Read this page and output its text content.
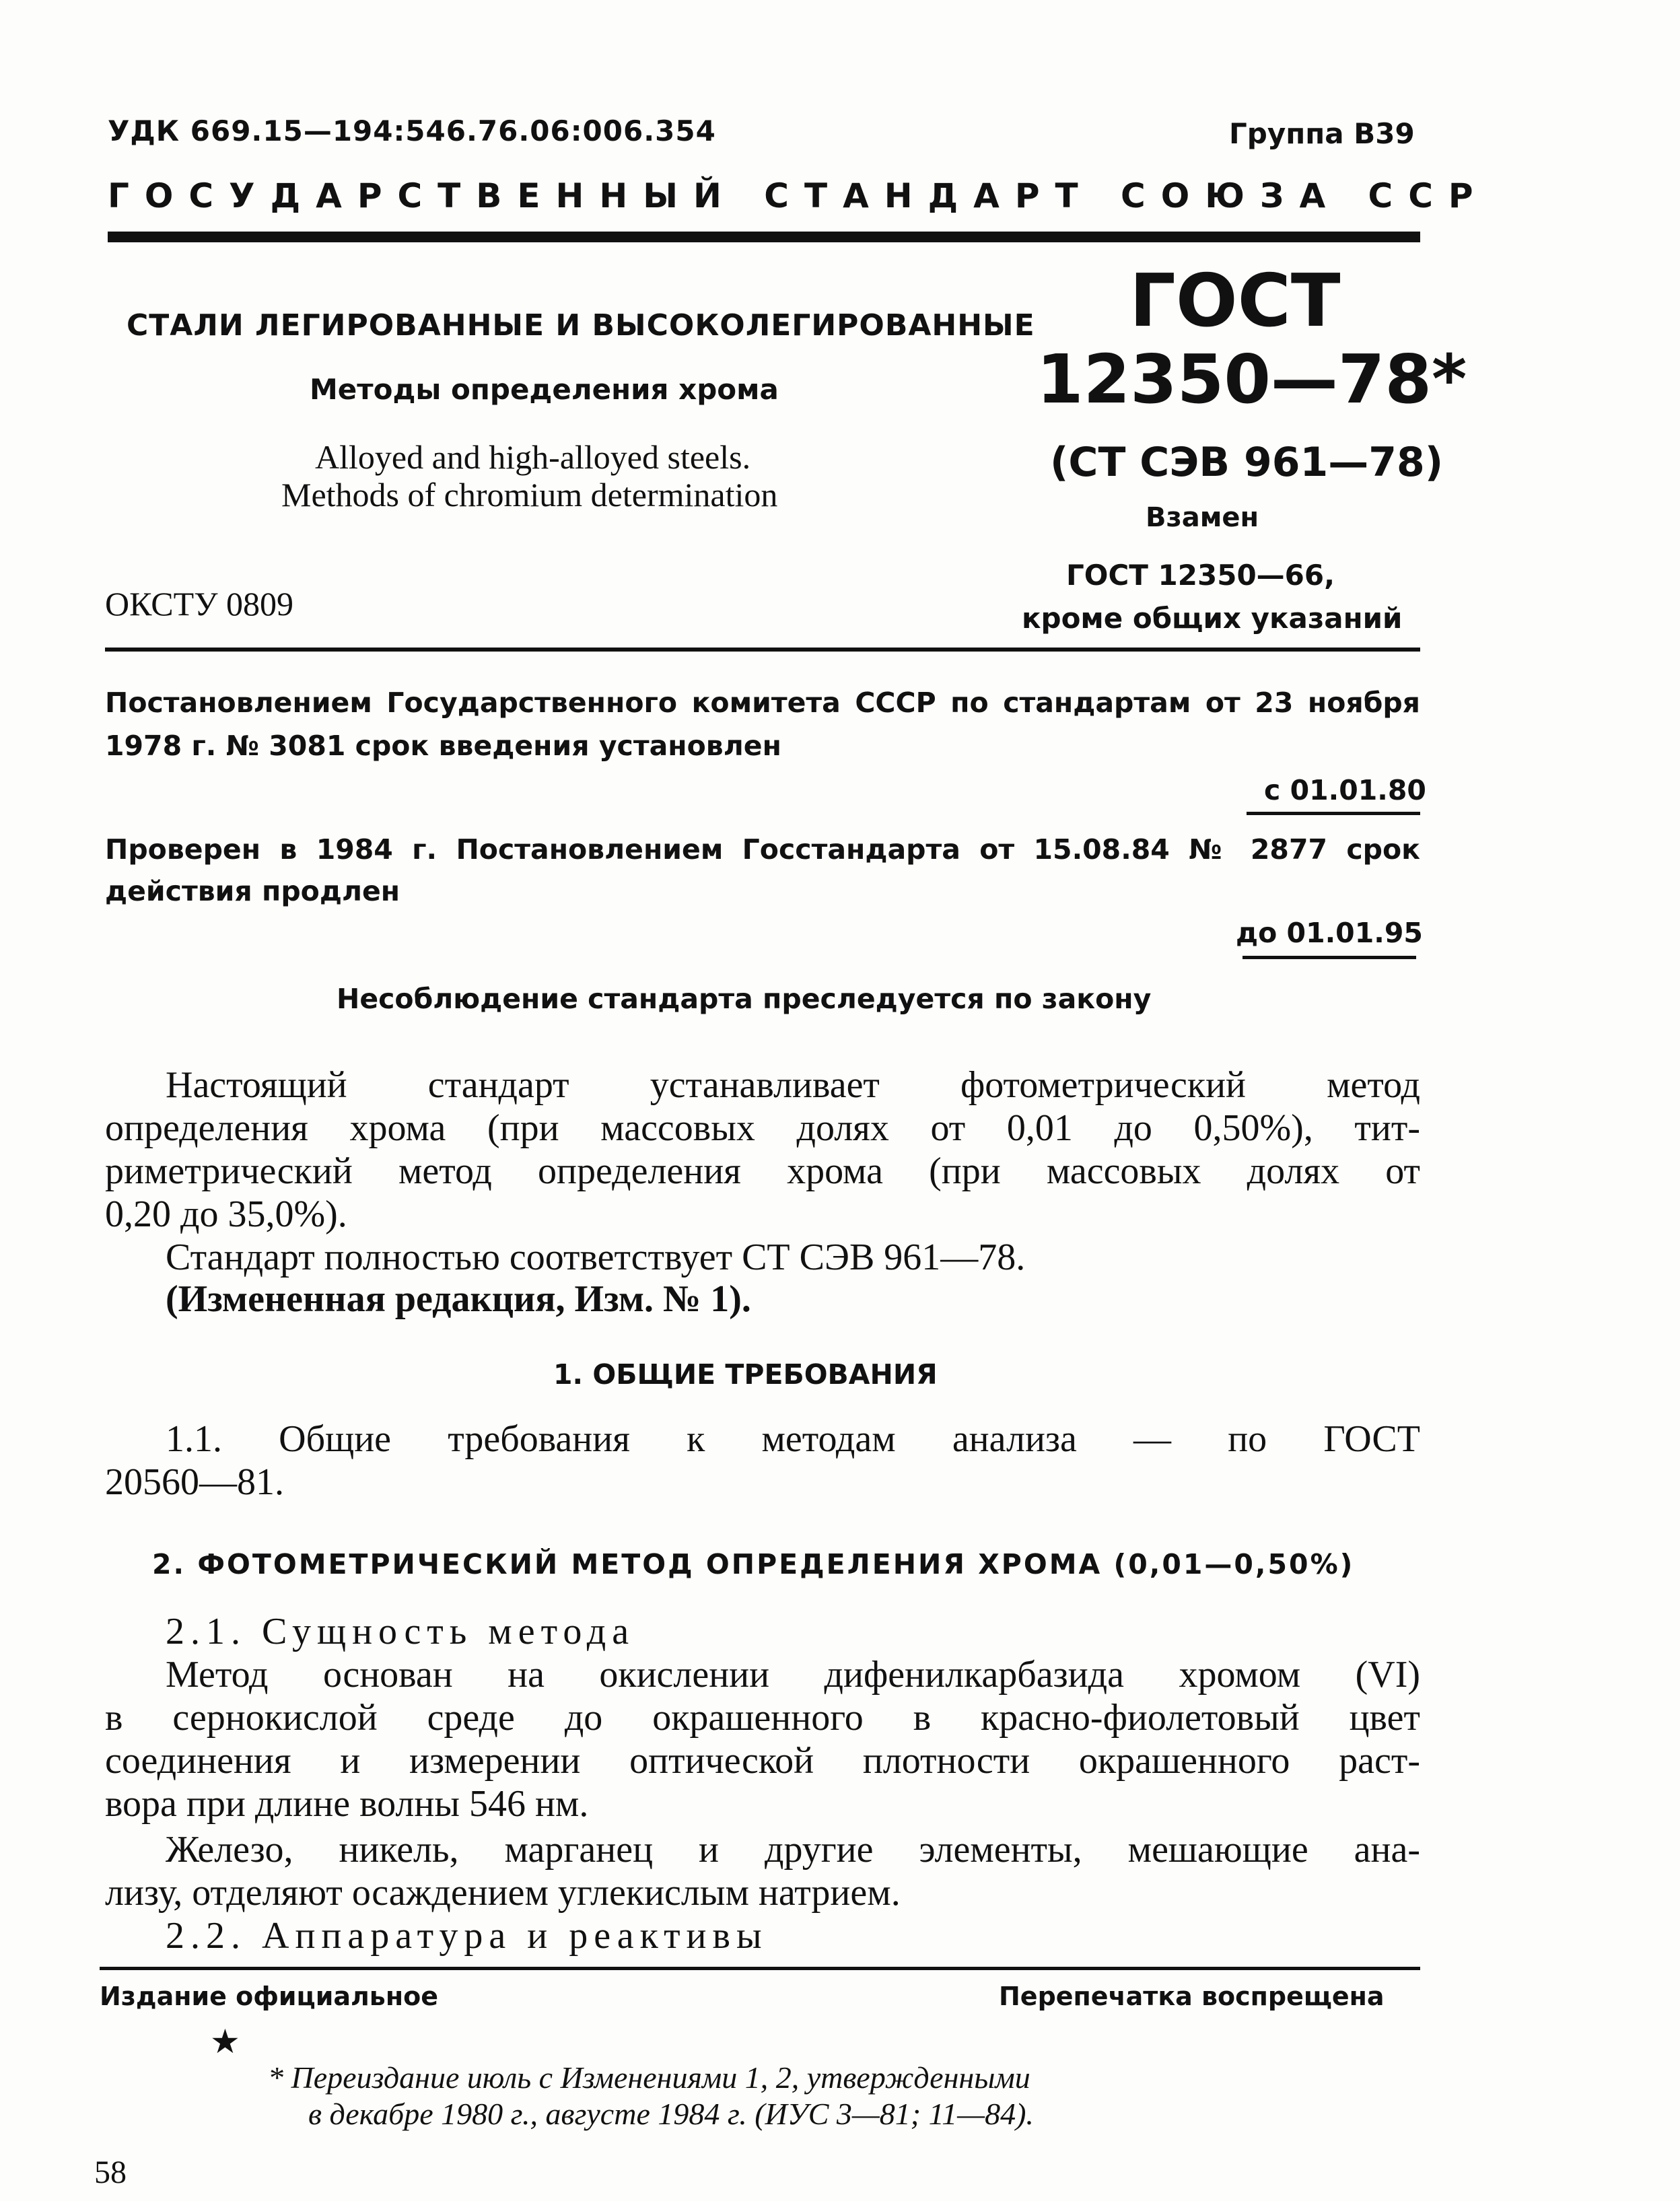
УДК 669.15—194:546.76.06:006.354	Группа В39
ГОСУДАРСТВЕННЫЙ СТАНДАРТ СОЮЗА ССР
СТАЛИ ЛЕГИРОВАННЫЕ И ВЫСОКОЛЕГИРОВАННЫЕ
Методы определения хрома
Alloyed and high-alloyed steels.
Methods of chromium determination
ОКСТУ 0809
ГОСТ
12350—78*
(СТ СЭВ 961—78)
Взамен
ГОСТ 12350—66,
кроме общих указаний
Постановлением Государственного комитета СССР по стандартам от 23 ноября
1978 г. № 3081 срок введения установлен
с 01.01.80
Проверен в 1984 г. Постановлением Госстандарта от 15.08.84 № 2877 срок
действия продлен
до 01.01.95
Несоблюдение стандарта преследуется по закону
Настоящий стандарт устанавливает фотометрический метод
определения хрома (при массовых долях от 0,01 до 0,50%), тит-
риметрический метод определения хрома (при массовых долях от
0,20 до 35,0%).
Стандарт полностью соответствует СТ СЭВ 961—78.
(Измененная редакция, Изм. № 1).
1. ОБЩИЕ ТРЕБОВАНИЯ
1.1. Общие требования к методам анализа — по ГОСТ
20560—81.
2. ФОТОМЕТРИЧЕСКИЙ МЕТОД ОПРЕДЕЛЕНИЯ ХРОМА (0,01—0,50%)
2.1. Сущность метода
Метод основан на окислении дифенилкарбазида хромом (VI)
в сернокислой среде до окрашенного в красно-фиолетовый цвет
соединения и измерении оптической плотности окрашенного раст-
вора при длине волны 546 нм.
Железо, никель, марганец и другие элементы, мешающие ана-
лизу, отделяют осаждением углекислым натрием.
2.2. Аппаратура и реактивы
Издание официальное	Перепечатка воспрещена
★
* Переиздание июль с Изменениями 1, 2, утвержденными
в декабре 1980 г., августе 1984 г. (ИУС 3—81; 11—84).
58
